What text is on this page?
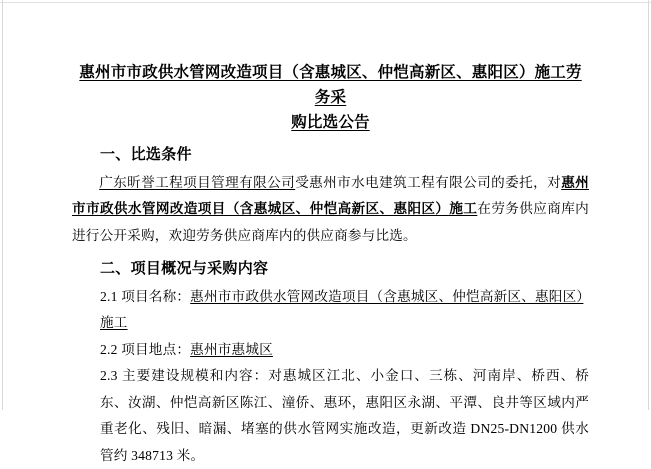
惠州市市政供水管网改造项目（含惠城区、仲恺高新区、惠阳区）施工劳务采
购比选公告
一、比选条件

广东昕誉工程项目管理有限公司受惠州市水电建筑工程有限公司的委托，对惠州市市政供水管网改造项目（含惠城区、仲恺高新区、惠阳区）施工在劳务供应商库内进行公开采购，欢迎劳务供应商库内的供应商参与比选。

二、项目概况与采购内容

2.1 项目名称：惠州市市政供水管网改造项目（含惠城区、仲恺高新区、惠阳区）施工

2.2 项目地点：惠州市惠城区

2.3 主要建设规模和内容：对惠城区江北、小金口、三栋、河南岸、桥西、桥东、汝湖、仲恺高新区陈江、潼侨、惠环，惠阳区永湖、平潭、良井等区域内严重老化、残旧、暗漏、堵塞的供水管网实施改造，更新改造 DN25-DN1200 供水管约 348713 米。
